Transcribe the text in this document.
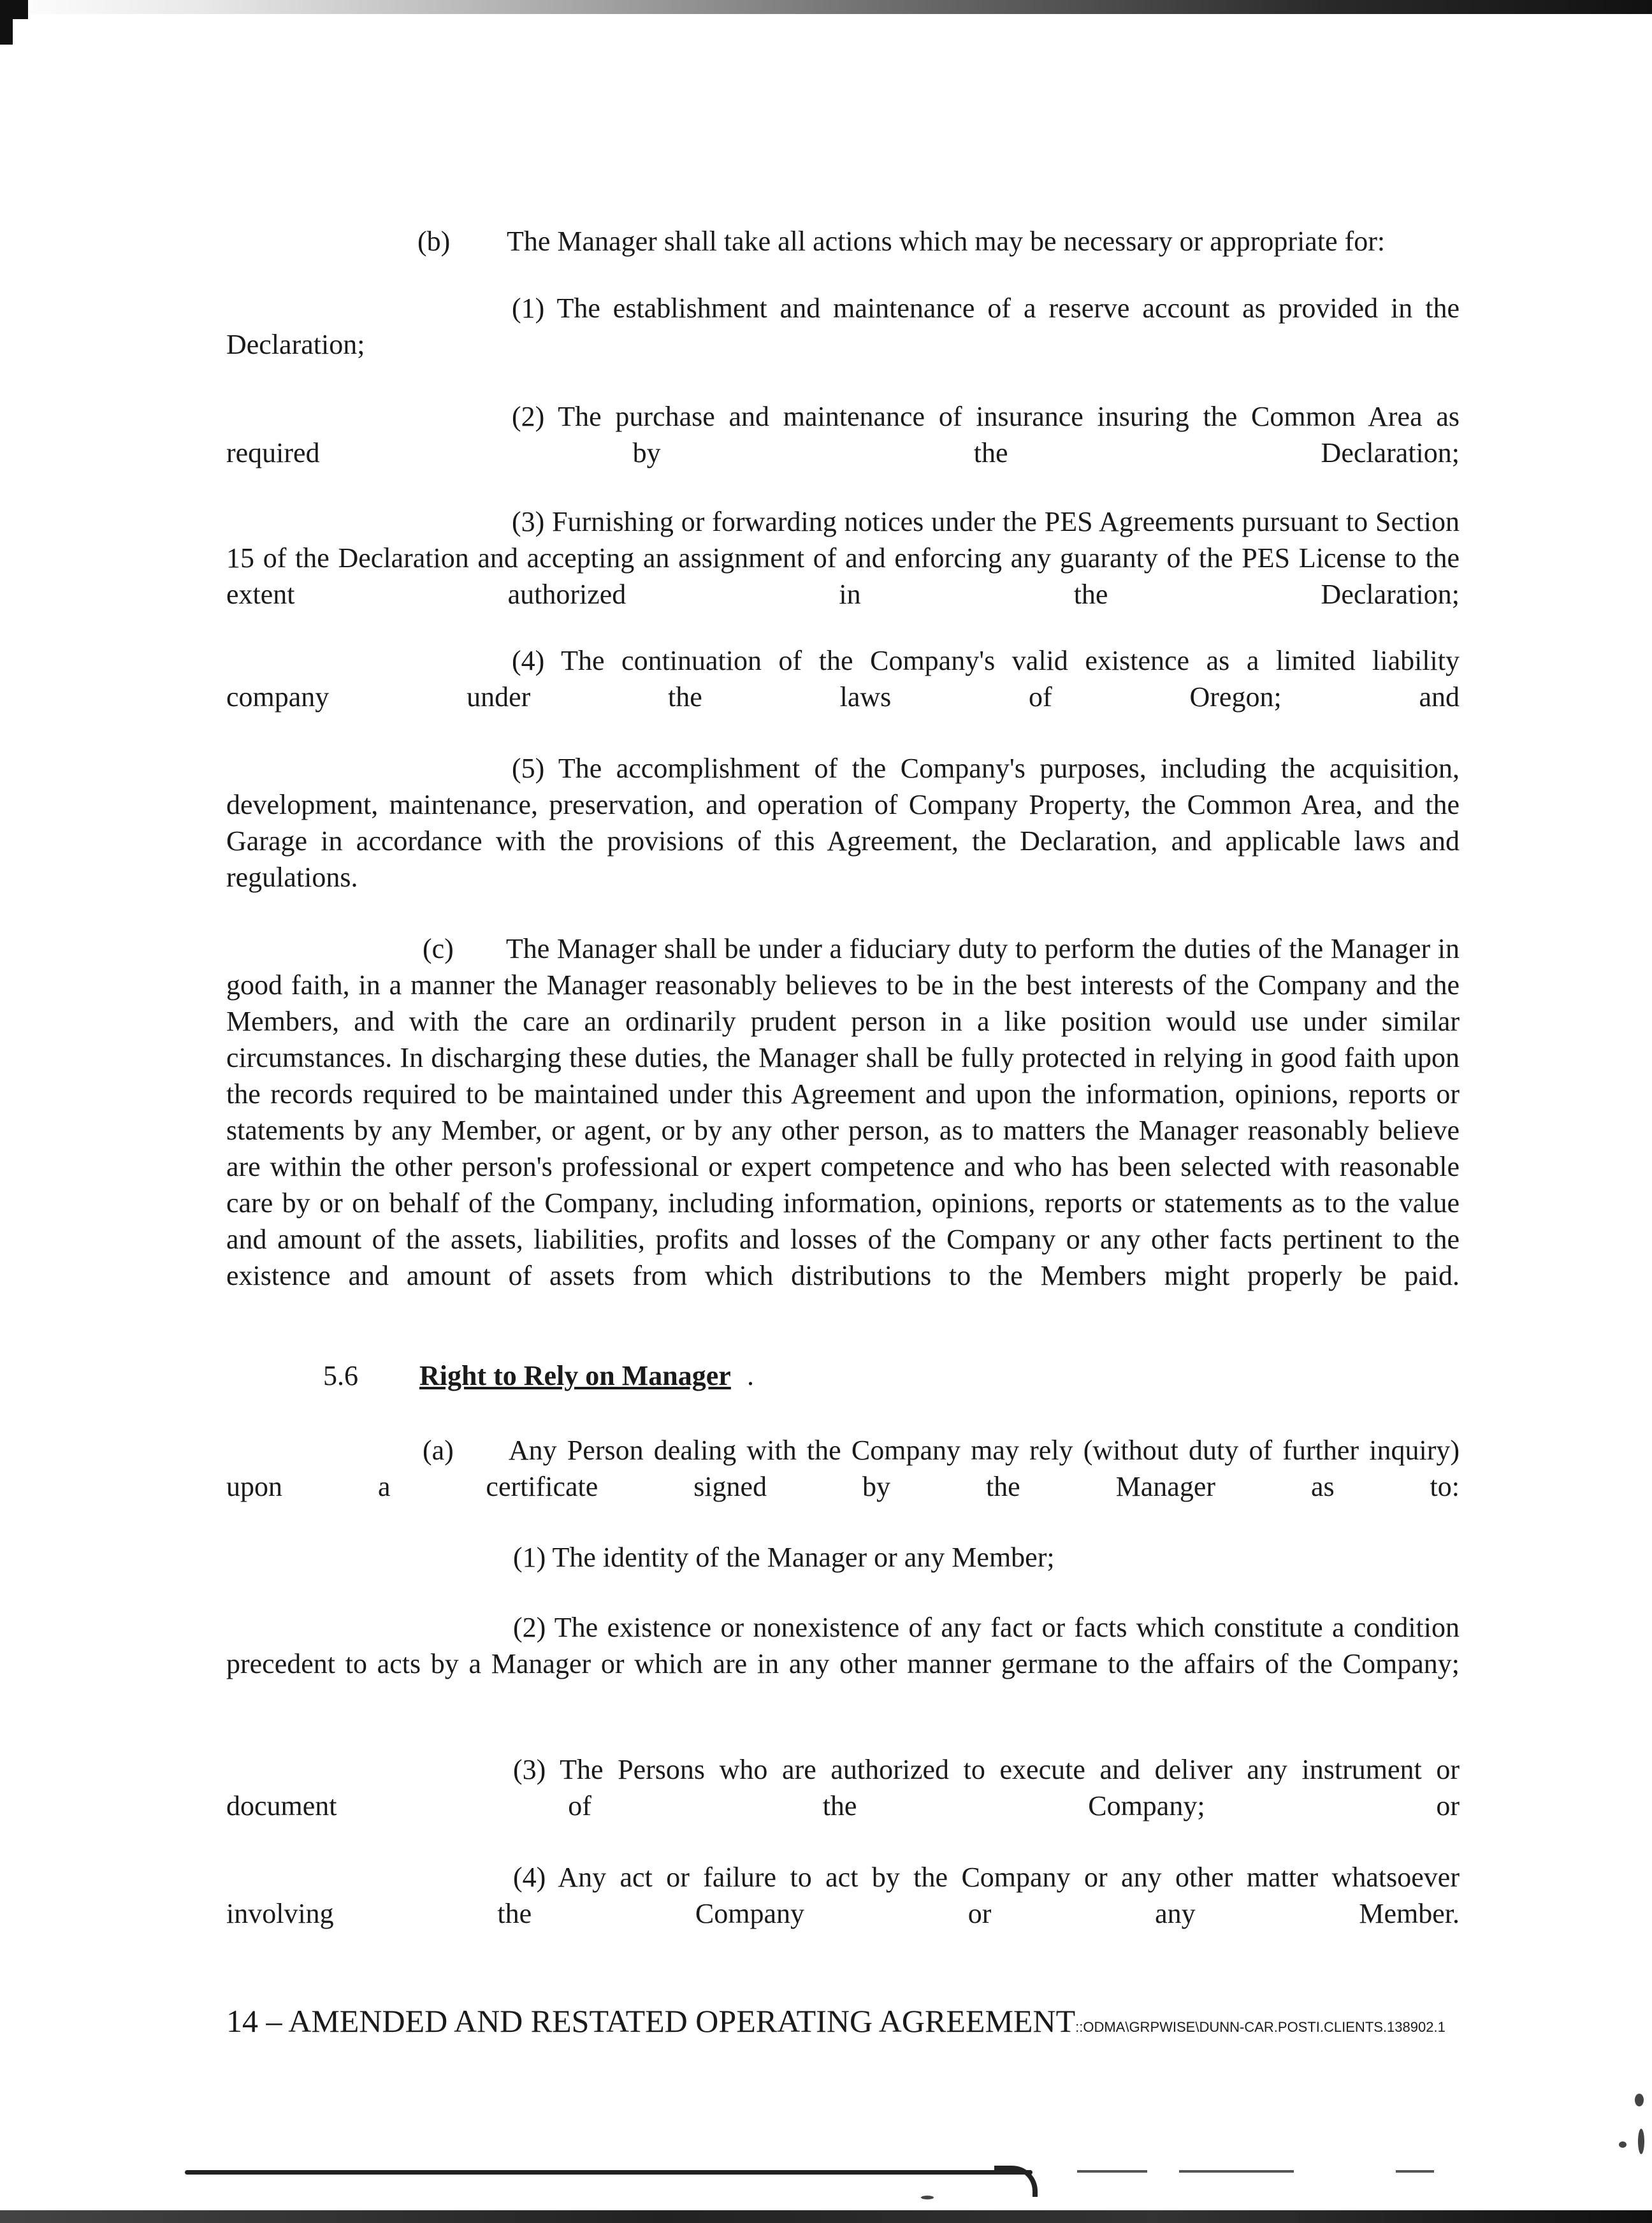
(b) The Manager shall take all actions which may be necessary or appropriate for:

(1) The establishment and maintenance of a reserve account as provided in the Declaration;

(2) The purchase and maintenance of insurance insuring the Common Area as required by the Declaration;

(3) Furnishing or forwarding notices under the PES Agreements pursuant to Section 15 of the Declaration and accepting an assignment of and enforcing any guaranty of the PES License to the extent authorized in the Declaration;

(4) The continuation of the Company's valid existence as a limited liability company under the laws of Oregon; and

(5) The accomplishment of the Company's purposes, including the acquisition, development, maintenance, preservation, and operation of Company Property, the Common Area, and the Garage in accordance with the provisions of this Agreement, the Declaration, and applicable laws and regulations.

(c) The Manager shall be under a fiduciary duty to perform the duties of the Manager in good faith, in a manner the Manager reasonably believes to be in the best interests of the Company and the Members, and with the care an ordinarily prudent person in a like position would use under similar circumstances. In discharging these duties, the Manager shall be fully protected in relying in good faith upon the records required to be maintained under this Agreement and upon the information, opinions, reports or statements by any Member, or agent, or by any other person, as to matters the Manager reasonably believe are within the other person's professional or expert competence and who has been selected with reasonable care by or on behalf of the Company, including information, opinions, reports or statements as to the value and amount of the assets, liabilities, profits and losses of the Company or any other facts pertinent to the existence and amount of assets from which distributions to the Members might properly be paid.

5.6 Right to Rely on Manager .

(a) Any Person dealing with the Company may rely (without duty of further inquiry) upon a certificate signed by the Manager as to:

(1) The identity of the Manager or any Member;

(2) The existence or nonexistence of any fact or facts which constitute a condition precedent to acts by a Manager or which are in any other manner germane to the affairs of the Company;

(3) The Persons who are authorized to execute and deliver any instrument or document of the Company; or

(4) Any act or failure to act by the Company or any other matter whatsoever involving the Company or any Member.

14 – AMENDED AND RESTATED OPERATING AGREEMENT::ODMA\GRPWISE\DUNN-CAR.POSTI.CLIENTS.138902.1
